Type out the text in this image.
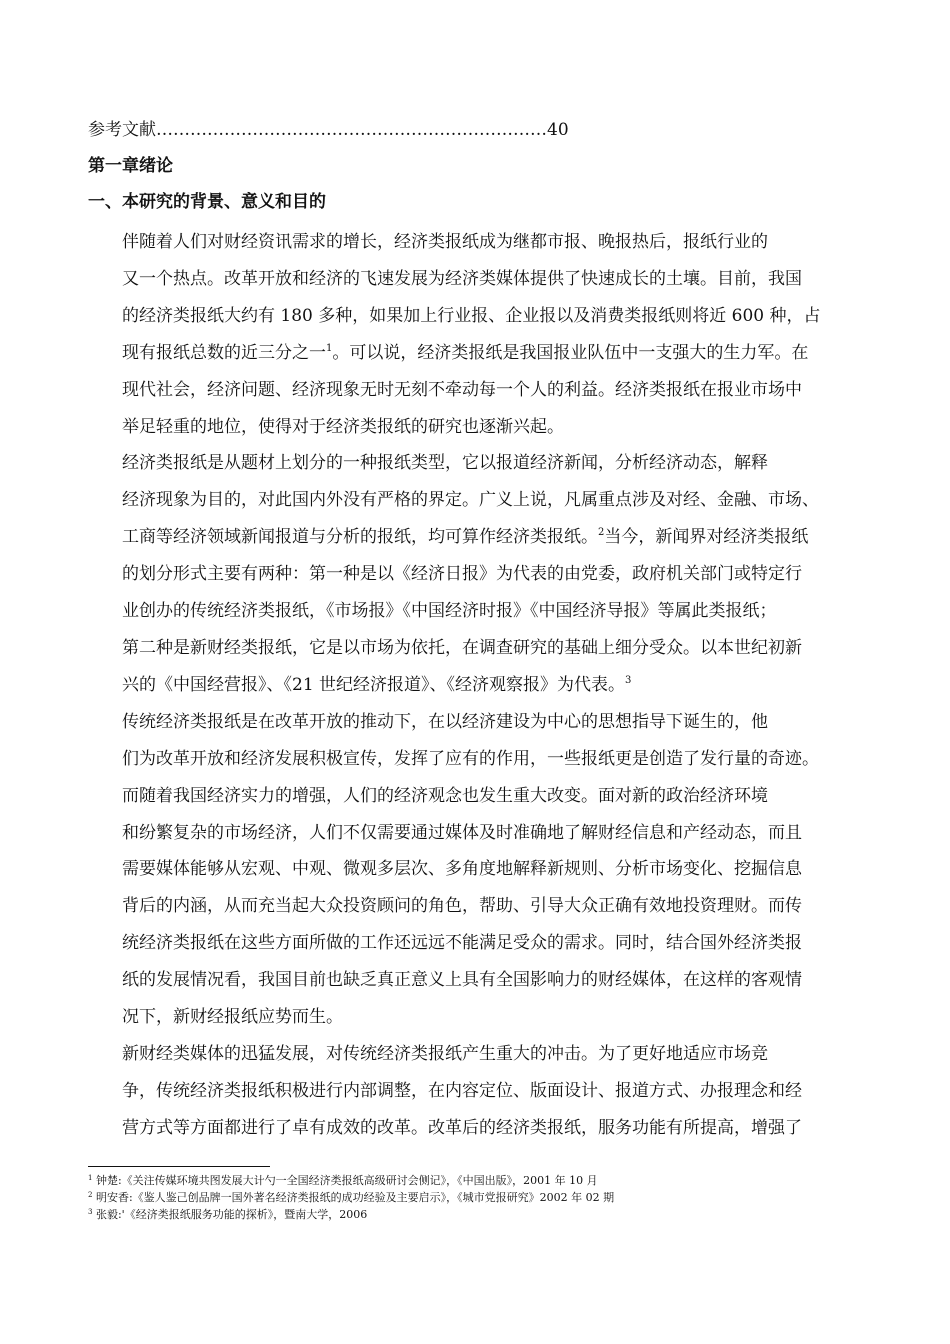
参考文献……………………………………………………………40
第一章绪论
一、本研究的背景、意义和目的

伴随着人们对财经资讯需求的增长，经济类报纸成为继都市报、晚报热后，报纸行业的
又一个热点。改革开放和经济的飞速发展为经济类媒体提供了快速成长的土壤。目前，我国
的经济类报纸大约有 180 多种，如果加上行业报、企业报以及消费类报纸则将近 600 种，占
现有报纸总数的近三分之一$^1$。可以说，经济类报纸是我国报业队伍中一支强大的生力军。在
现代社会，经济问题、经济现象无时无刻不牵动每一个人的利益。经济类报纸在报业市场中
举足轻重的地位，使得对于经济类报纸的研究也逐渐兴起。

经济类报纸是从题材上划分的一种报纸类型，它以报道经济新闻，分析经济动态，解释
经济现象为目的，对此国内外没有严格的界定。广义上说，凡属重点涉及对经、金融、市场、
工商等经济领域新闻报道与分析的报纸，均可算作经济类报纸。$^2$当今，新闻界对经济类报纸
的划分形式主要有两种：第一种是以《经济日报》为代表的由党委，政府机关部门或特定行
业创办的传统经济类报纸，《市场报》《中国经济时报》《中国经济导报》等属此类报纸；
第二种是新财经类报纸，它是以市场为依托，在调查研究的基础上细分受众。以本世纪初新
兴的《中国经营报》、《21 世纪经济报道》、《经济观察报》为代表。$^3$

传统经济类报纸是在改革开放的推动下，在以经济建设为中心的思想指导下诞生的，他
们为改革开放和经济发展积极宣传，发挥了应有的作用，一些报纸更是创造了发行量的奇迹。

而随着我国经济实力的增强，人们的经济观念也发生重大改变。面对新的政治经济环境
和纷繁复杂的市场经济，人们不仅需要通过媒体及时准确地了解财经信息和产经动态，而且
需要媒体能够从宏观、中观、微观多层次、多角度地解释新规则、分析市场变化、挖掘信息
背后的内涵，从而充当起大众投资顾问的角色，帮助、引导大众正确有效地投资理财。而传
统经济类报纸在这些方面所做的工作还远远不能满足受众的需求。同时，结合国外经济类报
纸的发展情况看，我国目前也缺乏真正意义上具有全国影响力的财经媒体，在这样的客观情
况下，新财经报纸应势而生。

新财经类媒体的迅猛发展，对传统经济类报纸产生重大的冲击。为了更好地适应市场竞
争，传统经济类报纸积极进行内部调整，在内容定位、版面设计、报道方式、办报理念和经
营方式等方面都进行了卓有成效的改革。改革后的经济类报纸，服务功能有所提高，增强了

$^1$ 钟楚:《关注传媒环境共图发展大计勺一全国经济类报纸高级研讨会侧记》，《中国出版》，2001 年 10 月
$^2$ 明安香:《鉴人鉴己创品牌一国外著名经济类报纸的成功经验及主要启示》，《城市党报研究》2002 年 02 期
$^3$ 张毅:'《经济类报纸服务功能的探析》，暨南大学，2006
